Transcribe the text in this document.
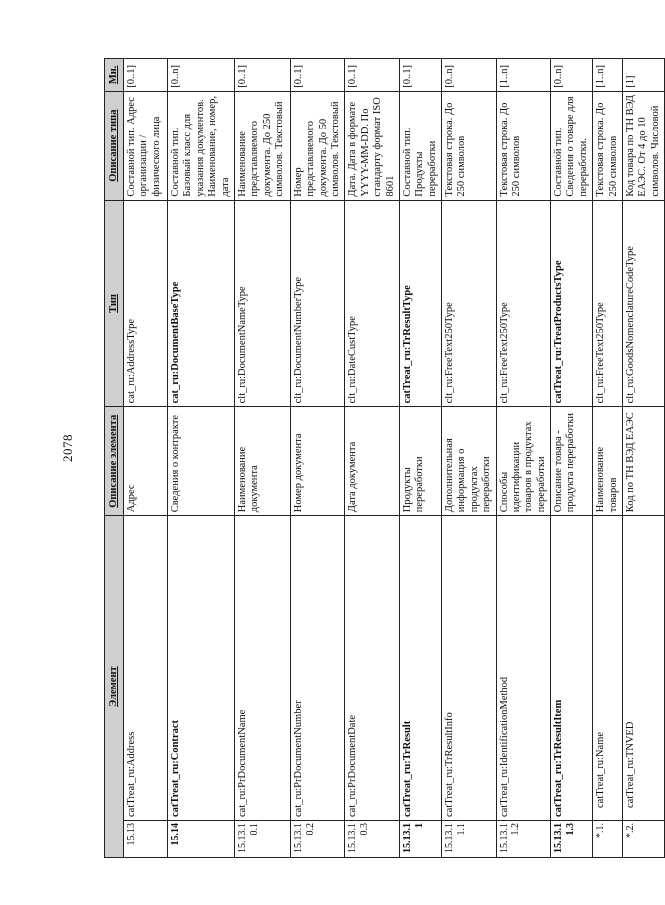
2078
Элемент		Описание элемента	Тип	Описание типа	Мн.
15.13	catTreat_ru:Address	Адрес	cat_ru:AddressType	Составной тип. Адрес организации / физического лица	[0..1]
15.14	catTreat_ru:Contract	Сведения о контракте	cat_ru:DocumentBaseType	Составной тип. Базовый класс для указания документов. Наименование, номер, дата	[0..n]
15.13.10.1	cat_ru:PrDocumentName	Наименование документа	clt_ru:DocumentNameType	Наименование представляемого документа. До 250 символов. Текстовый	[0..1]
15.13.10.2	cat_ru:PrDocumentNumber	Номер документа	clt_ru:DocumentNumberType	Номер представляемого документа. До 50 символов. Текстовый	[0..1]
15.13.10.3	cat_ru:PrDocumentDate	Дата документа	clt_ru:DateCustType	Дата. Дата в формате YYYY-MM-DD. По стандарту формат ISO 8601	[0..1]
15.13.11	catTreat_ru:TrResult	Продукты переработки	catTreat_ru:TrResultType	Составной тип. Продукты переработки	[0..1]
15.13.11.1	catTreat_ru:TrResultInfo	Дополнительная информация о продуктах переработки	clt_ru:FreeText250Type	Текстовая строка. До 250 символов	[0..n]
15.13.11.2	catTreat_ru:IdentificationMethod	Способы идентификации товаров в продуктах переработки	clt_ru:FreeText250Type	Текстовая строка. До 250 символов	[1..n]
15.13.11.3	catTreat_ru:TrResultItem	Описание товара - продукта переработки	catTreat_ru:TreatProductsType	Составной тип. Сведения о товаре для переработки.	[0..n]
*.1.	catTreat_ru:Name	Наименование товаров	clt_ru:FreeText250Type	Текстовая строка. До 250 символов	[1..n]
*.2.	catTreat_ru:TNVED	Код по ТН ВЭД ЕАЭС	clt_ru:GoodsNomenclatureCodeType	Код товара по ТН ВЭД ЕАЭС. От 4 до 10 символов. Числовой	[1]
